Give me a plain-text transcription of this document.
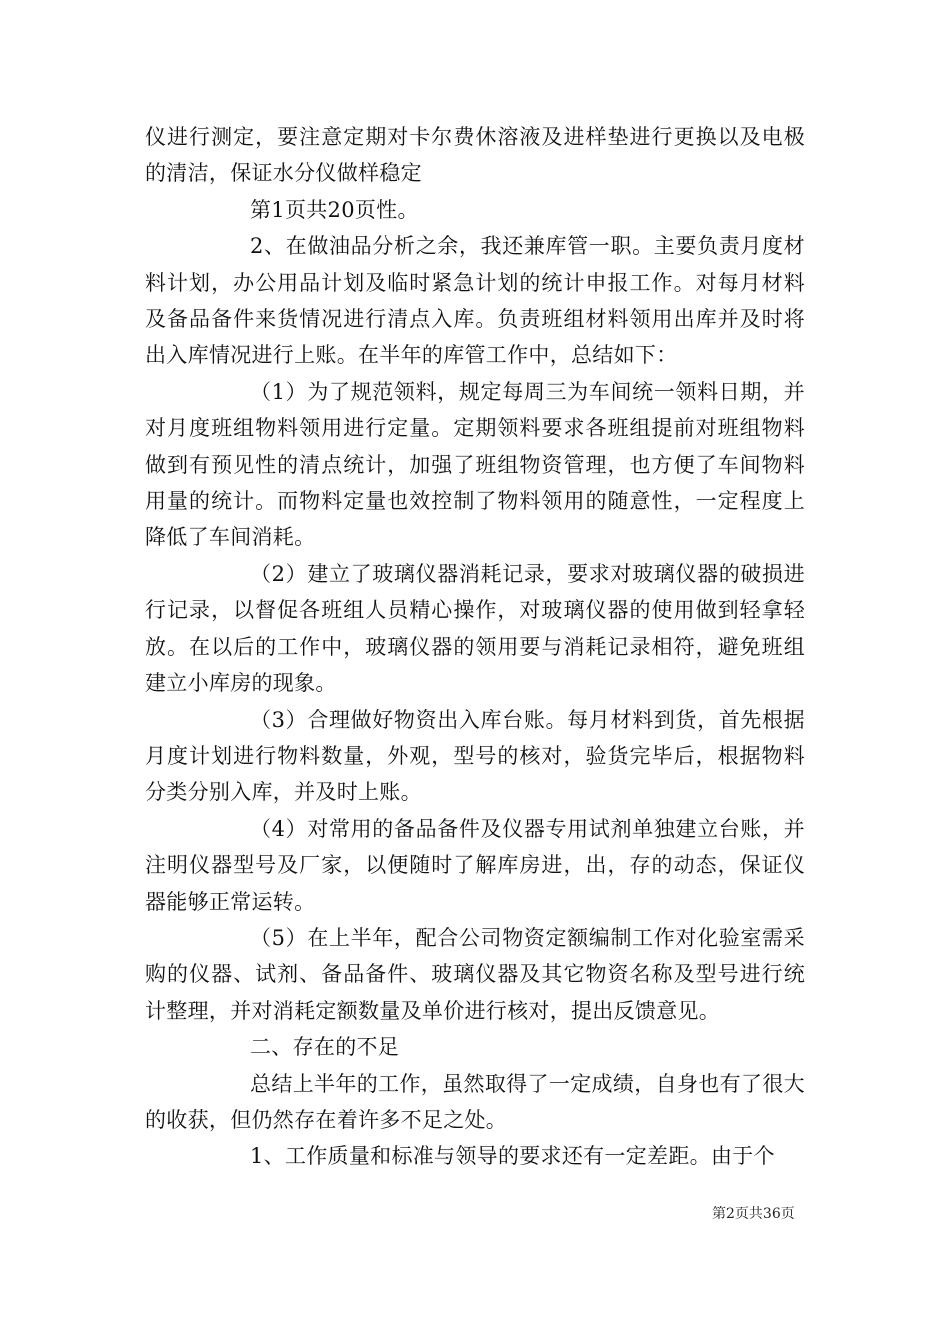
仪进行测定，要注意定期对卡尔费休溶液及进样垫进行更换以及电极的清洁，保证水分仪做样稳定

第1页共20页性。

2、在做油品分析之余，我还兼库管一职。主要负责月度材料计划，办公用品计划及临时紧急计划的统计申报工作。对每月材料及备品备件来货情况进行清点入库。负责班组材料领用出库并及时将出入库情况进行上账。在半年的库管工作中，总结如下：

（1）为了规范领料，规定每周三为车间统一领料日期，并对月度班组物料领用进行定量。定期领料要求各班组提前对班组物料做到有预见性的清点统计，加强了班组物资管理，也方便了车间物料用量的统计。而物料定量也效控制了物料领用的随意性，一定程度上降低了车间消耗。

（2）建立了玻璃仪器消耗记录，要求对玻璃仪器的破损进行记录，以督促各班组人员精心操作，对玻璃仪器的使用做到轻拿轻放。在以后的工作中，玻璃仪器的领用要与消耗记录相符，避免班组建立小库房的现象。

（3）合理做好物资出入库台账。每月材料到货，首先根据月度计划进行物料数量，外观，型号的核对，验货完毕后，根据物料分类分别入库，并及时上账。

（4）对常用的备品备件及仪器专用试剂单独建立台账，并注明仪器型号及厂家，以便随时了解库房进，出，存的动态，保证仪器能够正常运转。

（5）在上半年，配合公司物资定额编制工作对化验室需采购的仪器、试剂、备品备件、玻璃仪器及其它物资名称及型号进行统计整理，并对消耗定额数量及单价进行核对，提出反馈意见。

二、存在的不足

总结上半年的工作，虽然取得了一定成绩，自身也有了很大的收获，但仍然存在着许多不足之处。

1、工作质量和标准与领导的要求还有一定差距。由于个

第2页共36页
